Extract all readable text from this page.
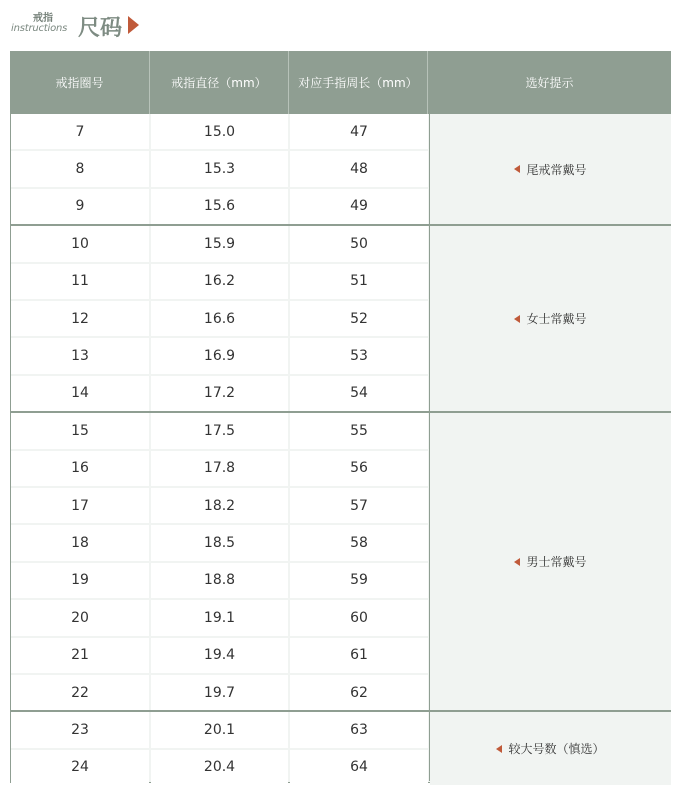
戒指
instructions 尺码
戒指圈号	戒指直径（mm）	对应手指周长（mm）	选好提示
7	15.0	47
8	15.3	48
9	15.6	49
尾戒常戴号
10	15.9	50
11	16.2	51
12	16.6	52
13	16.9	53
14	17.2	54
女士常戴号
15	17.5	55
16	17.8	56
17	18.2	57
18	18.5	58
19	18.8	59
20	19.1	60
21	19.4	61
22	19.7	62
男士常戴号
23	20.1	63
24	20.4	64
较大号数（慎选）
